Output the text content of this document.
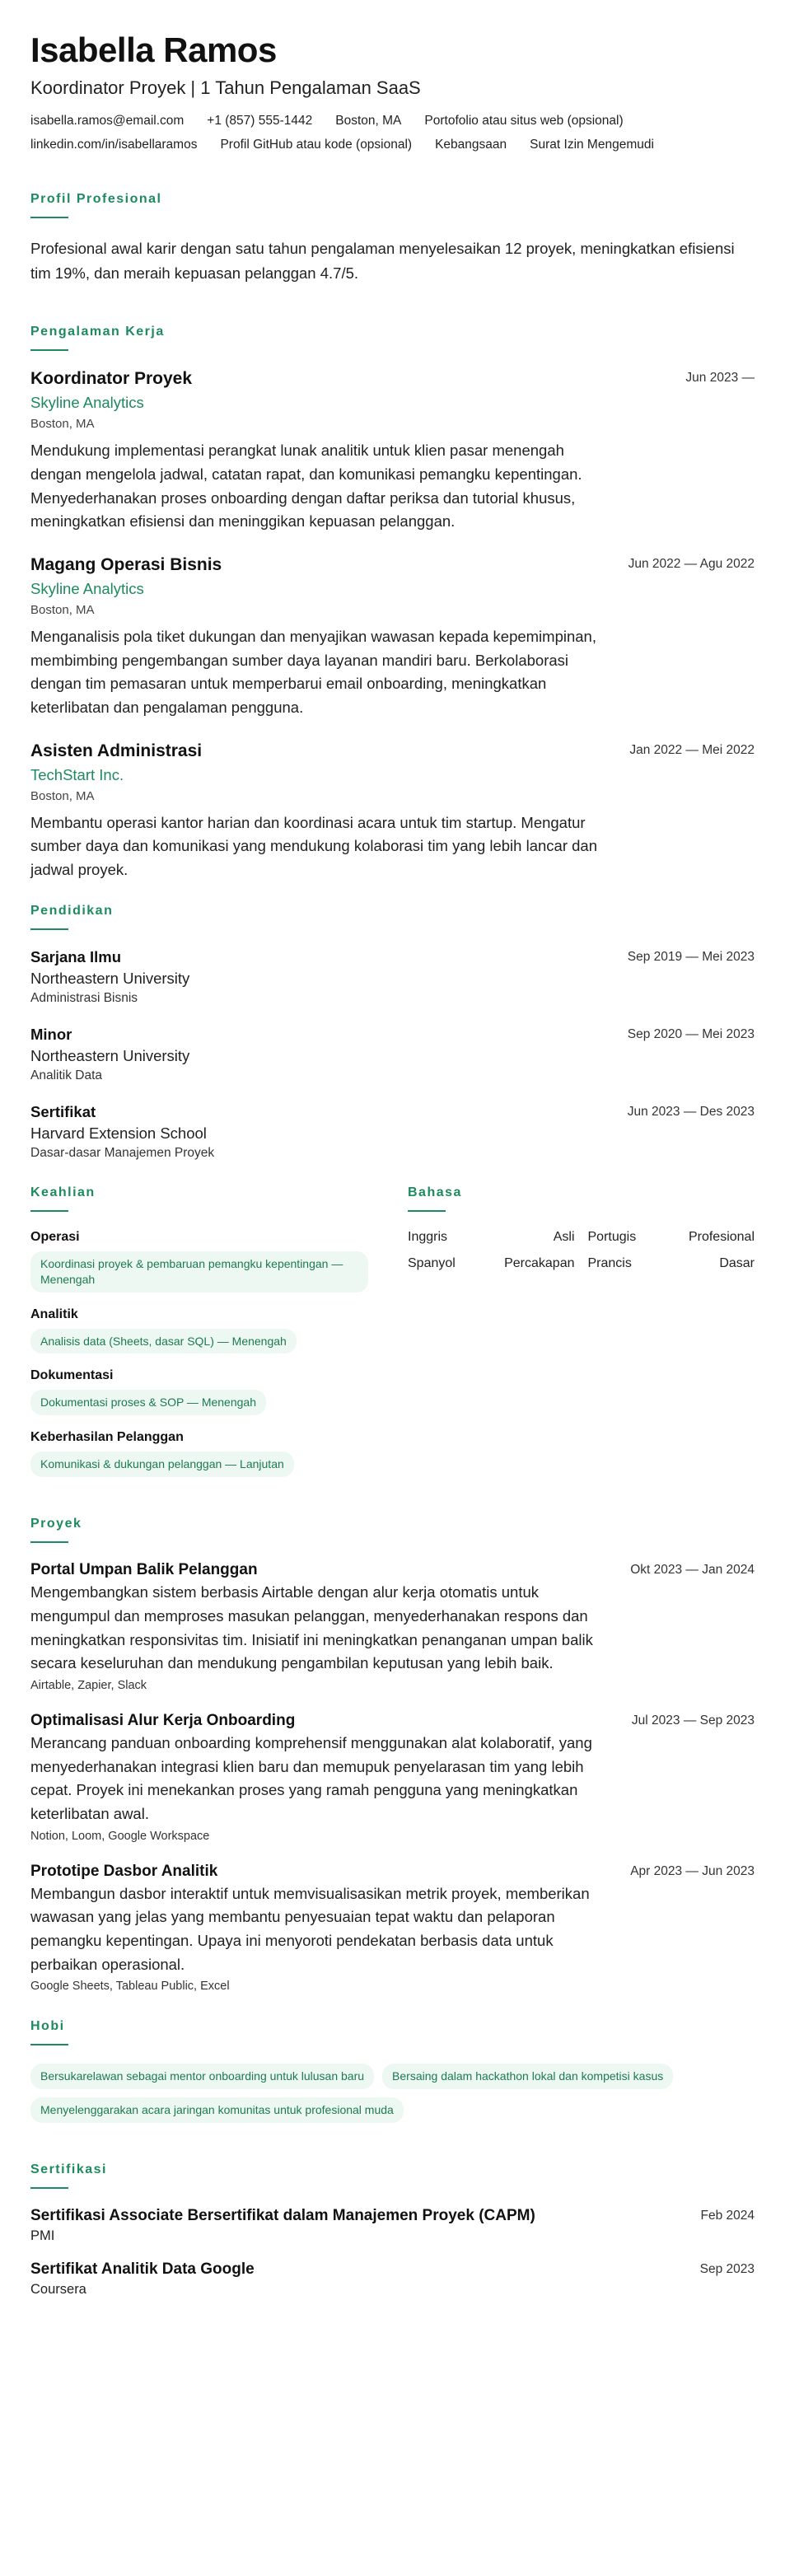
Isabella Ramos
Koordinator Proyek | 1 Tahun Pengalaman SaaS
isabella.ramos@email.com +1 (857) 555-1442 Boston, MA Portofolio atau situs web (opsional)
linkedin.com/in/isabellaramos Profil GitHub atau kode (opsional) Kebangsaan Surat Izin Mengemudi
Profil Profesional
Profesional awal karir dengan satu tahun pengalaman menyelesaikan 12 proyek, meningkatkan efisiensi tim 19%, dan meraih kepuasan pelanggan 4.7/5.
Pengalaman Kerja
Koordinator Proyek
Skyline Analytics
Boston, MA
Mendukung implementasi perangkat lunak analitik untuk klien pasar menengah dengan mengelola jadwal, catatan rapat, dan komunikasi pemangku kepentingan. Menyederhanakan proses onboarding dengan daftar periksa dan tutorial khusus, meningkatkan efisiensi dan meninggikan kepuasan pelanggan.
Jun 2023 —
Magang Operasi Bisnis
Skyline Analytics
Boston, MA
Menganalisis pola tiket dukungan dan menyajikan wawasan kepada kepemimpinan, membimbing pengembangan sumber daya layanan mandiri baru. Berkolaborasi dengan tim pemasaran untuk memperbarui email onboarding, meningkatkan keterlibatan dan pengalaman pengguna.
Jun 2022 — Agu 2022
Asisten Administrasi
TechStart Inc.
Boston, MA
Membantu operasi kantor harian dan koordinasi acara untuk tim startup. Mengatur sumber daya dan komunikasi yang mendukung kolaborasi tim yang lebih lancar dan jadwal proyek.
Jan 2022 — Mei 2022
Pendidikan
Sarjana Ilmu
Northeastern University
Administrasi Bisnis
Sep 2019 — Mei 2023
Minor
Northeastern University
Analitik Data
Sep 2020 — Mei 2023
Sertifikat
Harvard Extension School
Dasar-dasar Manajemen Proyek
Jun 2023 — Des 2023
Keahlian
Operasi
Koordinasi proyek & pembaruan pemangku kepentingan — Menengah
Analitik
Analisis data (Sheets, dasar SQL) — Menengah
Dokumentasi
Dokumentasi proses & SOP — Menengah
Keberhasilan Pelanggan
Komunikasi & dukungan pelanggan — Lanjutan
Bahasa
Inggris	Asli Portugis	Profesional
Spanyol	Percakapan Prancis	Dasar
Proyek
Portal Umpan Balik Pelanggan
Mengembangkan sistem berbasis Airtable dengan alur kerja otomatis untuk mengumpul dan memproses masukan pelanggan, menyederhanakan respons dan meningkatkan responsivitas tim. Inisiatif ini meningkatkan penanganan umpan balik secara keseluruhan dan mendukung pengambilan keputusan yang lebih baik.
Airtable, Zapier, Slack
Okt 2023 — Jan 2024
Optimalisasi Alur Kerja Onboarding
Merancang panduan onboarding komprehensif menggunakan alat kolaboratif, yang menyederhanakan integrasi klien baru dan memupuk penyelarasan tim yang lebih cepat. Proyek ini menekankan proses yang ramah pengguna yang meningkatkan keterlibatan awal.
Notion, Loom, Google Workspace
Jul 2023 — Sep 2023
Prototipe Dasbor Analitik
Membangun dasbor interaktif untuk memvisualisasikan metrik proyek, memberikan wawasan yang jelas yang membantu penyesuaian tepat waktu dan pelaporan pemangku kepentingan. Upaya ini menyoroti pendekatan berbasis data untuk perbaikan operasional.
Google Sheets, Tableau Public, Excel
Apr 2023 — Jun 2023
Hobi
Bersukarelawan sebagai mentor onboarding untuk lulusan baru	Bersaing dalam hackathon lokal dan kompetisi kasus
Menyelenggarakan acara jaringan komunitas untuk profesional muda
Sertifikasi
Sertifikasi Associate Bersertifikat dalam Manajemen Proyek (CAPM)
PMI
Feb 2024
Sertifikat Analitik Data Google
Coursera
Sep 2023
